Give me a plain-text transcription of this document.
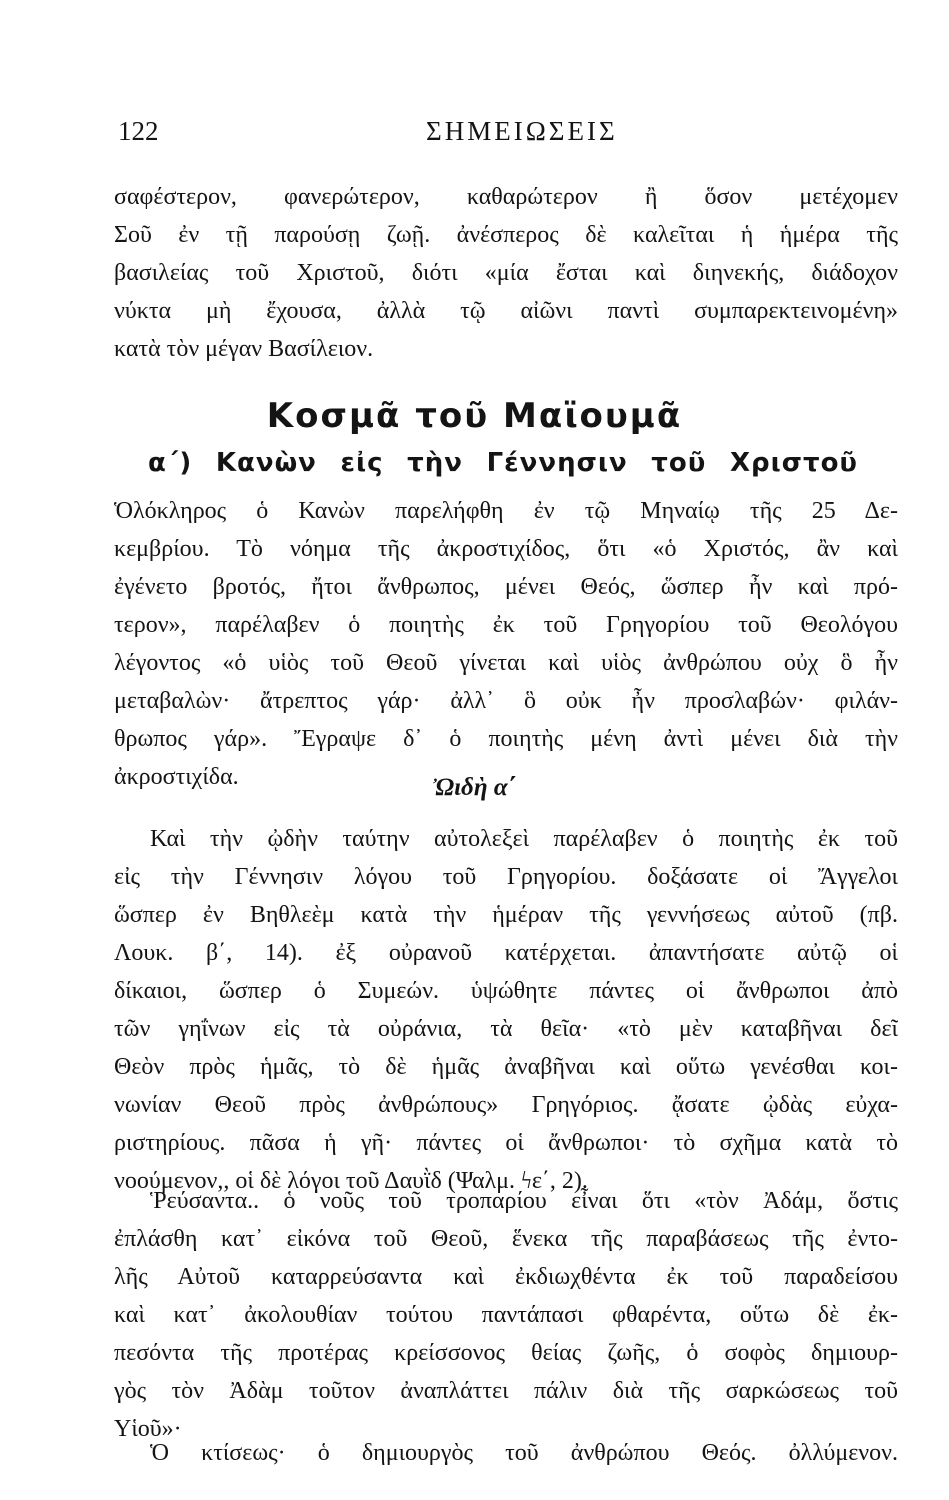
122	ΣΗΜΕΙΩΣΕΙΣ
σαφέστερον, φανερώτερον, καθαρώτερον ἢ ὅσον μετέχομεν
Σοῦ ἐν τῇ παρούσῃ ζωῇ. ἀνέσπερος δὲ καλεῖται ἡ ἡμέρα τῆς
βασιλείας τοῦ Χριστοῦ, διότι «μία ἔσται καὶ διηνεκής, διάδοχον
νύκτα μὴ ἔχουσα, ἀλλὰ τῷ αἰῶνι παντὶ συμπαρεκτεινομένη»
κατὰ τὸν μέγαν Βασίλειον.
Κοσμᾶ τοῦ Μαϊουμᾶ
α΄) Κανὼν εἰς τὴν Γέννησιν τοῦ Χριστοῦ
Ὁλόκληρος ὁ Κανὼν παρελήφθη ἐν τῷ Μηναίῳ τῆς 25 Δε-
κεμβρίου. Τὸ νόημα τῆς ἀκροστιχίδος, ὅτι «ὁ Χριστός, ἂν καὶ
ἐγένετο βροτός, ἤτοι ἄνθρωπος, μένει Θεός, ὥσπερ ἦν καὶ πρό-
τερον», παρέλαβεν ὁ ποιητὴς ἐκ τοῦ Γρηγορίου τοῦ Θεολόγου
λέγοντος «ὁ υἱὸς τοῦ Θεοῦ γίνεται καὶ υἱὸς ἀνθρώπου οὐχ ὃ ἦν
μεταβαλὼν· ἄτρεπτος γάρ· ἀλλ᾽ ὃ οὐκ ἦν προσλαβών· φιλάν-
θρωπος γάρ». Ἔγραψε δ᾽ ὁ ποιητὴς μένη ἀντὶ μένει διὰ τὴν
ἀκροστιχίδα.	Ὠιδὴ α΄
Καὶ τὴν ᾠδὴν ταύτην αὐτολεξεὶ παρέλαβεν ὁ ποιητὴς ἐκ τοῦ
εἰς τὴν Γέννησιν λόγου τοῦ Γρηγορίου. δοξάσατε οἱ Ἄγγελοι
ὥσπερ ἐν Βηθλεὲμ κατὰ τὴν ἡμέραν τῆς γεννήσεως αὐτοῦ (πβ.
Λουκ. β΄, 14). ἐξ οὐρανοῦ κατέρχεται. ἀπαντήσατε αὐτῷ οἱ
δίκαιοι, ὥσπερ ὁ Συμεών. ὑψώθητε πάντες οἱ ἄνθρωποι ἀπὸ
τῶν γηΐνων εἰς τὰ οὐράνια, τὰ θεῖα· «τὸ μὲν καταβῆναι δεῖ
Θεὸν πρὸς ἡμᾶς, τὸ δὲ ἡμᾶς ἀναβῆναι καὶ οὕτω γενέσθαι κοι-
νωνίαν Θεοῦ πρὸς ἀνθρώπους» Γρηγόριος. ᾄσατε ᾠδὰς εὐχα-
ριστηρίους. πᾶσα ἡ γῆ· πάντες οἱ ἄνθρωποι· τὸ σχῆμα κατὰ τὸ
νοούμενον,, οἱ δὲ λόγοι τοῦ Δαυῒδ (Ψαλμ. ϟε΄, 2).
Ῥεύσαντα.. ὁ νοῦς τοῦ τροπαρίου εἶναι ὅτι «τὸν Ἀδάμ, ὅστις
ἐπλάσθη κατ᾽ εἰκόνα τοῦ Θεοῦ, ἕνεκα τῆς παραβάσεως τῆς ἐντο-
λῆς Αὐτοῦ καταρρεύσαντα καὶ ἐκδιωχθέντα ἐκ τοῦ παραδείσου
καὶ κατ᾽ ἀκολουθίαν τούτου παντάπασι φθαρέντα, οὕτω δὲ ἐκ-
πεσόντα τῆς προτέρας κρείσσονος θείας ζωῆς, ὁ σοφὸς δημιουρ-
γὸς τὸν Ἀδὰμ τοῦτον ἀναπλάττει πάλιν διὰ τῆς σαρκώσεως τοῦ
Υἱοῦ»·
Ὁ κτίσεως· ὁ δημιουργὸς τοῦ ἀνθρώπου Θεός. ὀλλύμενον.
